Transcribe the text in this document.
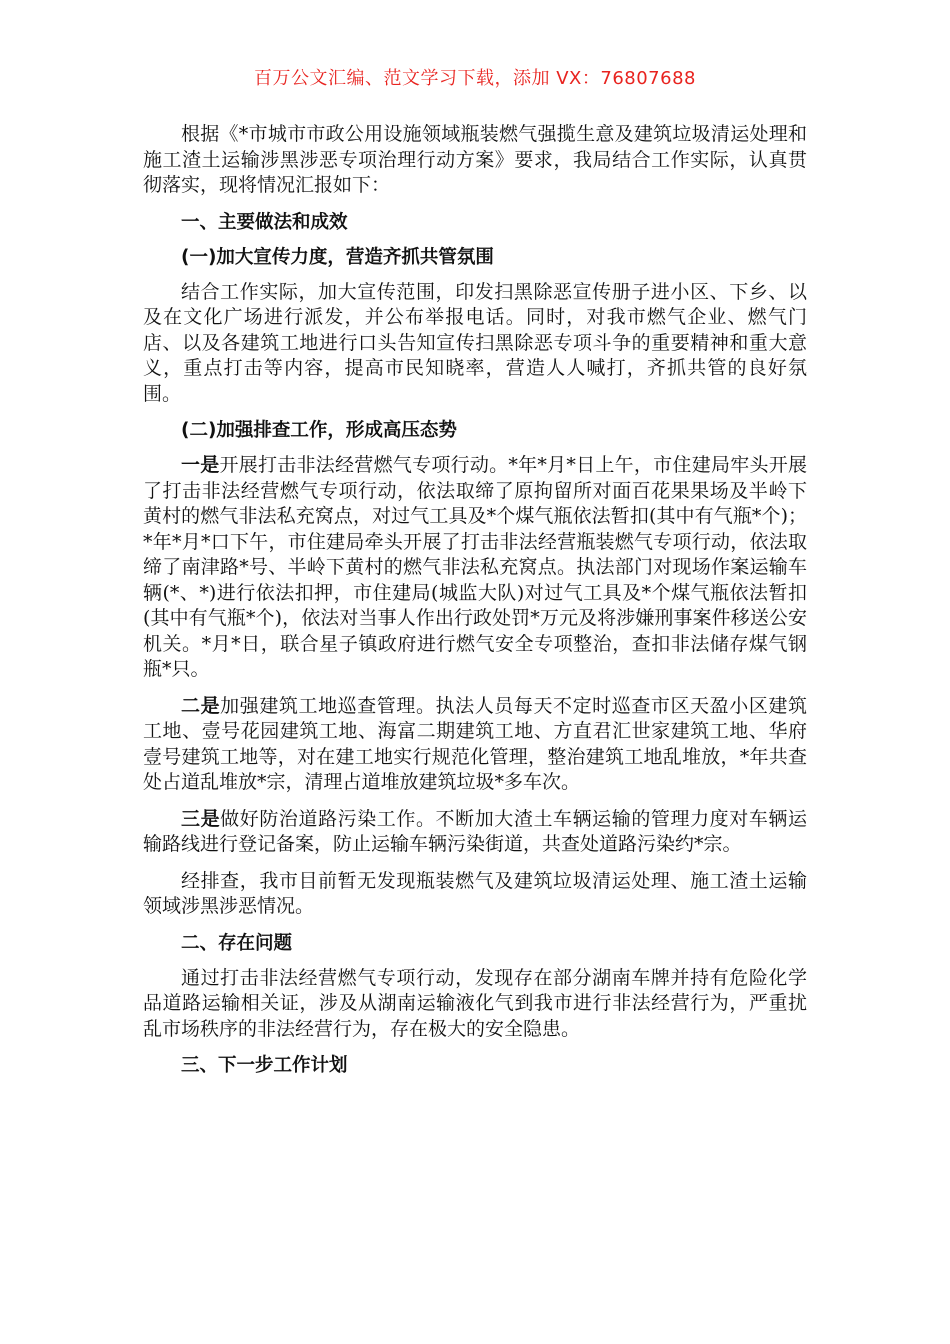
百万公文汇编、范文学习下载，添加 VX：76807688

根据《*市城市市政公用设施领域瓶装燃气强揽生意及建筑垃圾清运处理和施工渣土运输涉黑涉恶专项治理行动方案》要求，我局结合工作实际，认真贯彻落实，现将情况汇报如下：

一、主要做法和成效
(一)加大宣传力度，营造齐抓共管氛围

结合工作实际，加大宣传范围，印发扫黑除恶宣传册子进小区、下乡、以及在文化广场进行派发，并公布举报电话。同时，对我市燃气企业、燃气门店、以及各建筑工地进行口头告知宣传扫黑除恶专项斗争的重要精神和重大意义，重点打击等内容，提高市民知晓率，营造人人喊打，齐抓共管的良好氛围。

(二)加强排查工作，形成高压态势

一是开展打击非法经营燃气专项行动。*年*月*日上午，市住建局牢头开展了打击非法经营燃气专项行动，依法取缔了原拘留所对面百花果果场及半岭下黄村的燃气非法私充窝点，对过气工具及*个煤气瓶依法暂扣(其中有气瓶*个)；*年*月*口下午，市住建局牵头开展了打击非法经营瓶装燃气专项行动，依法取缔了南津路*号、半岭下黄村的燃气非法私充窝点。执法部门对现场作案运输车辆(*、*)进行依法扣押，市住建局(城监大队)对过气工具及*个煤气瓶依法暂扣(其中有气瓶*个)，依法对当事人作出行政处罚*万元及将涉嫌刑事案件移送公安机关。*月*日，联合星子镇政府进行燃气安全专项整治，查扣非法储存煤气钢瓶*只。

二是加强建筑工地巡查管理。执法人员每天不定时巡查市区天盈小区建筑工地、壹号花园建筑工地、海富二期建筑工地、方直君汇世家建筑工地、华府壹号建筑工地等，对在建工地实行规范化管理，整治建筑工地乱堆放，*年共查处占道乱堆放*宗，清理占道堆放建筑垃圾*多车次。

三是做好防治道路污染工作。不断加大渣土车辆运输的管理力度对车辆运输路线进行登记备案，防止运输车辆污染街道，共查处道路污染约*宗。

经排查，我市目前暂无发现瓶装燃气及建筑垃圾清运处理、施工渣土运输领域涉黑涉恶情况。

二、存在问题

通过打击非法经营燃气专项行动，发现存在部分湖南车牌并持有危险化学品道路运输相关证，涉及从湖南运输液化气到我市进行非法经营行为，严重扰乱市场秩序的非法经营行为，存在极大的安全隐患。

三、下一步工作计划
